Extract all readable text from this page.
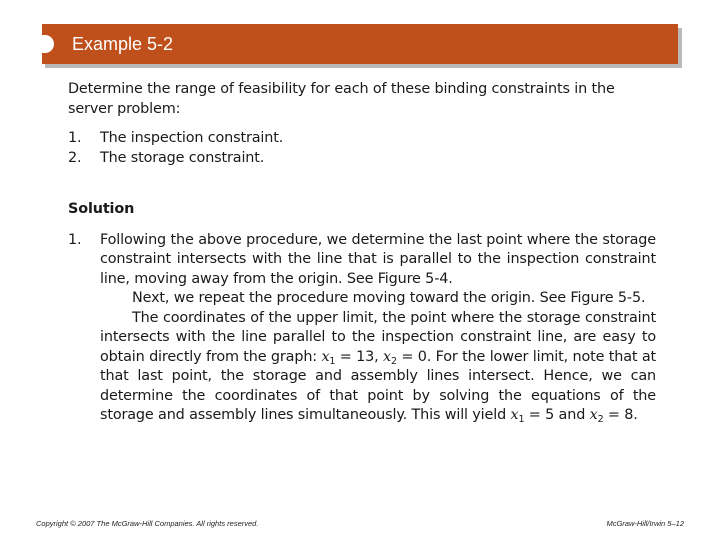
Example 5-2

Determine the range of feasibility for each of these binding constraints in the server problem:

1.	The inspection constraint.
2.	The storage constraint.
Solution
1.	Following the above procedure, we determine the last point where the storage constraint intersects with the line that is parallel to the inspection constraint line, moving away from the origin. See Figure 5-4.

Next, we repeat the procedure moving toward the origin. See Figure 5-5.

The coordinates of the upper limit, the point where the storage constraint intersects with the line parallel to the inspection constraint line, are easy to obtain directly from the graph: $x_1 = 13$, $x_2 = 0$. For the lower limit, note that at that last point, the storage and assembly lines intersect. Hence, we can determine the coordinates of that point by solving the equations of the storage and assembly lines simultaneously. This will yield $x_1 = 5$ and $x_2 = 8$.

Copyright © 2007 The McGraw-Hill Companies. All rights reserved.	McGraw-Hill/Irwin 5–12
